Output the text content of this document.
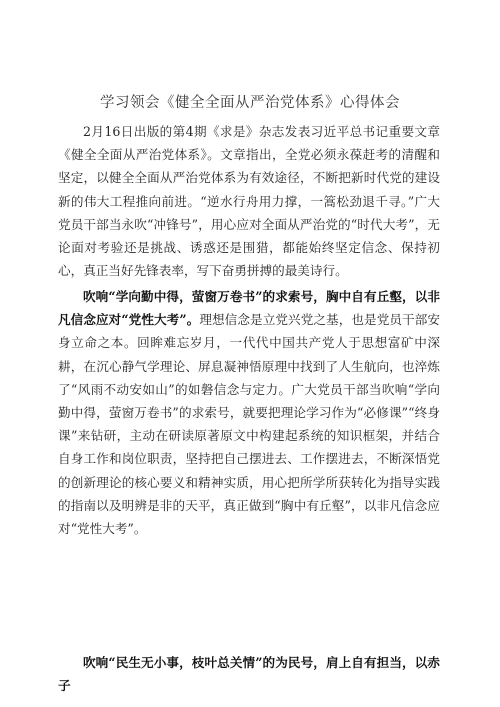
学习领会《健全全面从严治党体系》心得体会

2月16日出版的第4期《求是》杂志发表习近平总书记重要文章《健全全面从严治党体系》。文章指出，全党必须永葆赶考的清醒和坚定，以健全全面从严治党体系为有效途径，不断把新时代党的建设新的伟大工程推向前进。“逆水行舟用力撑，一篙松劲退千寻。”广大党员干部当永吹“冲锋号”，用心应对全面从严治党的“时代大考”，无论面对考验还是挑战、诱惑还是围猎，都能始终坚定信念、保持初心，真正当好先锋表率，写下奋勇拼搏的最美诗行。

吹响“学向勤中得，萤窗万卷书”的求索号，胸中自有丘壑，以非凡信念应对“党性大考”。理想信念是立党兴党之基，也是党员干部安身立命之本。回眸难忘岁月，一代代中国共产党人于思想富矿中深耕，在沉心静气学理论、屏息凝神悟原理中找到了人生航向，也淬炼了“风雨不动安如山”的如磐信念与定力。广大党员干部当吹响“学向勤中得，萤窗万卷书”的求索号，就要把理论学习作为“必修课”“终身课”来钻研，主动在研读原著原文中构建起系统的知识框架，并结合自身工作和岗位职责，坚持把自己摆进去、工作摆进去，不断深悟党的创新理论的核心要义和精神实质，用心把所学所获转化为指导实践的指南以及明辨是非的天平，真正做到“胸中有丘壑”，以非凡信念应对“党性大考”。

吹响“民生无小事，枝叶总关情”的为民号，肩上自有担当，以赤子
